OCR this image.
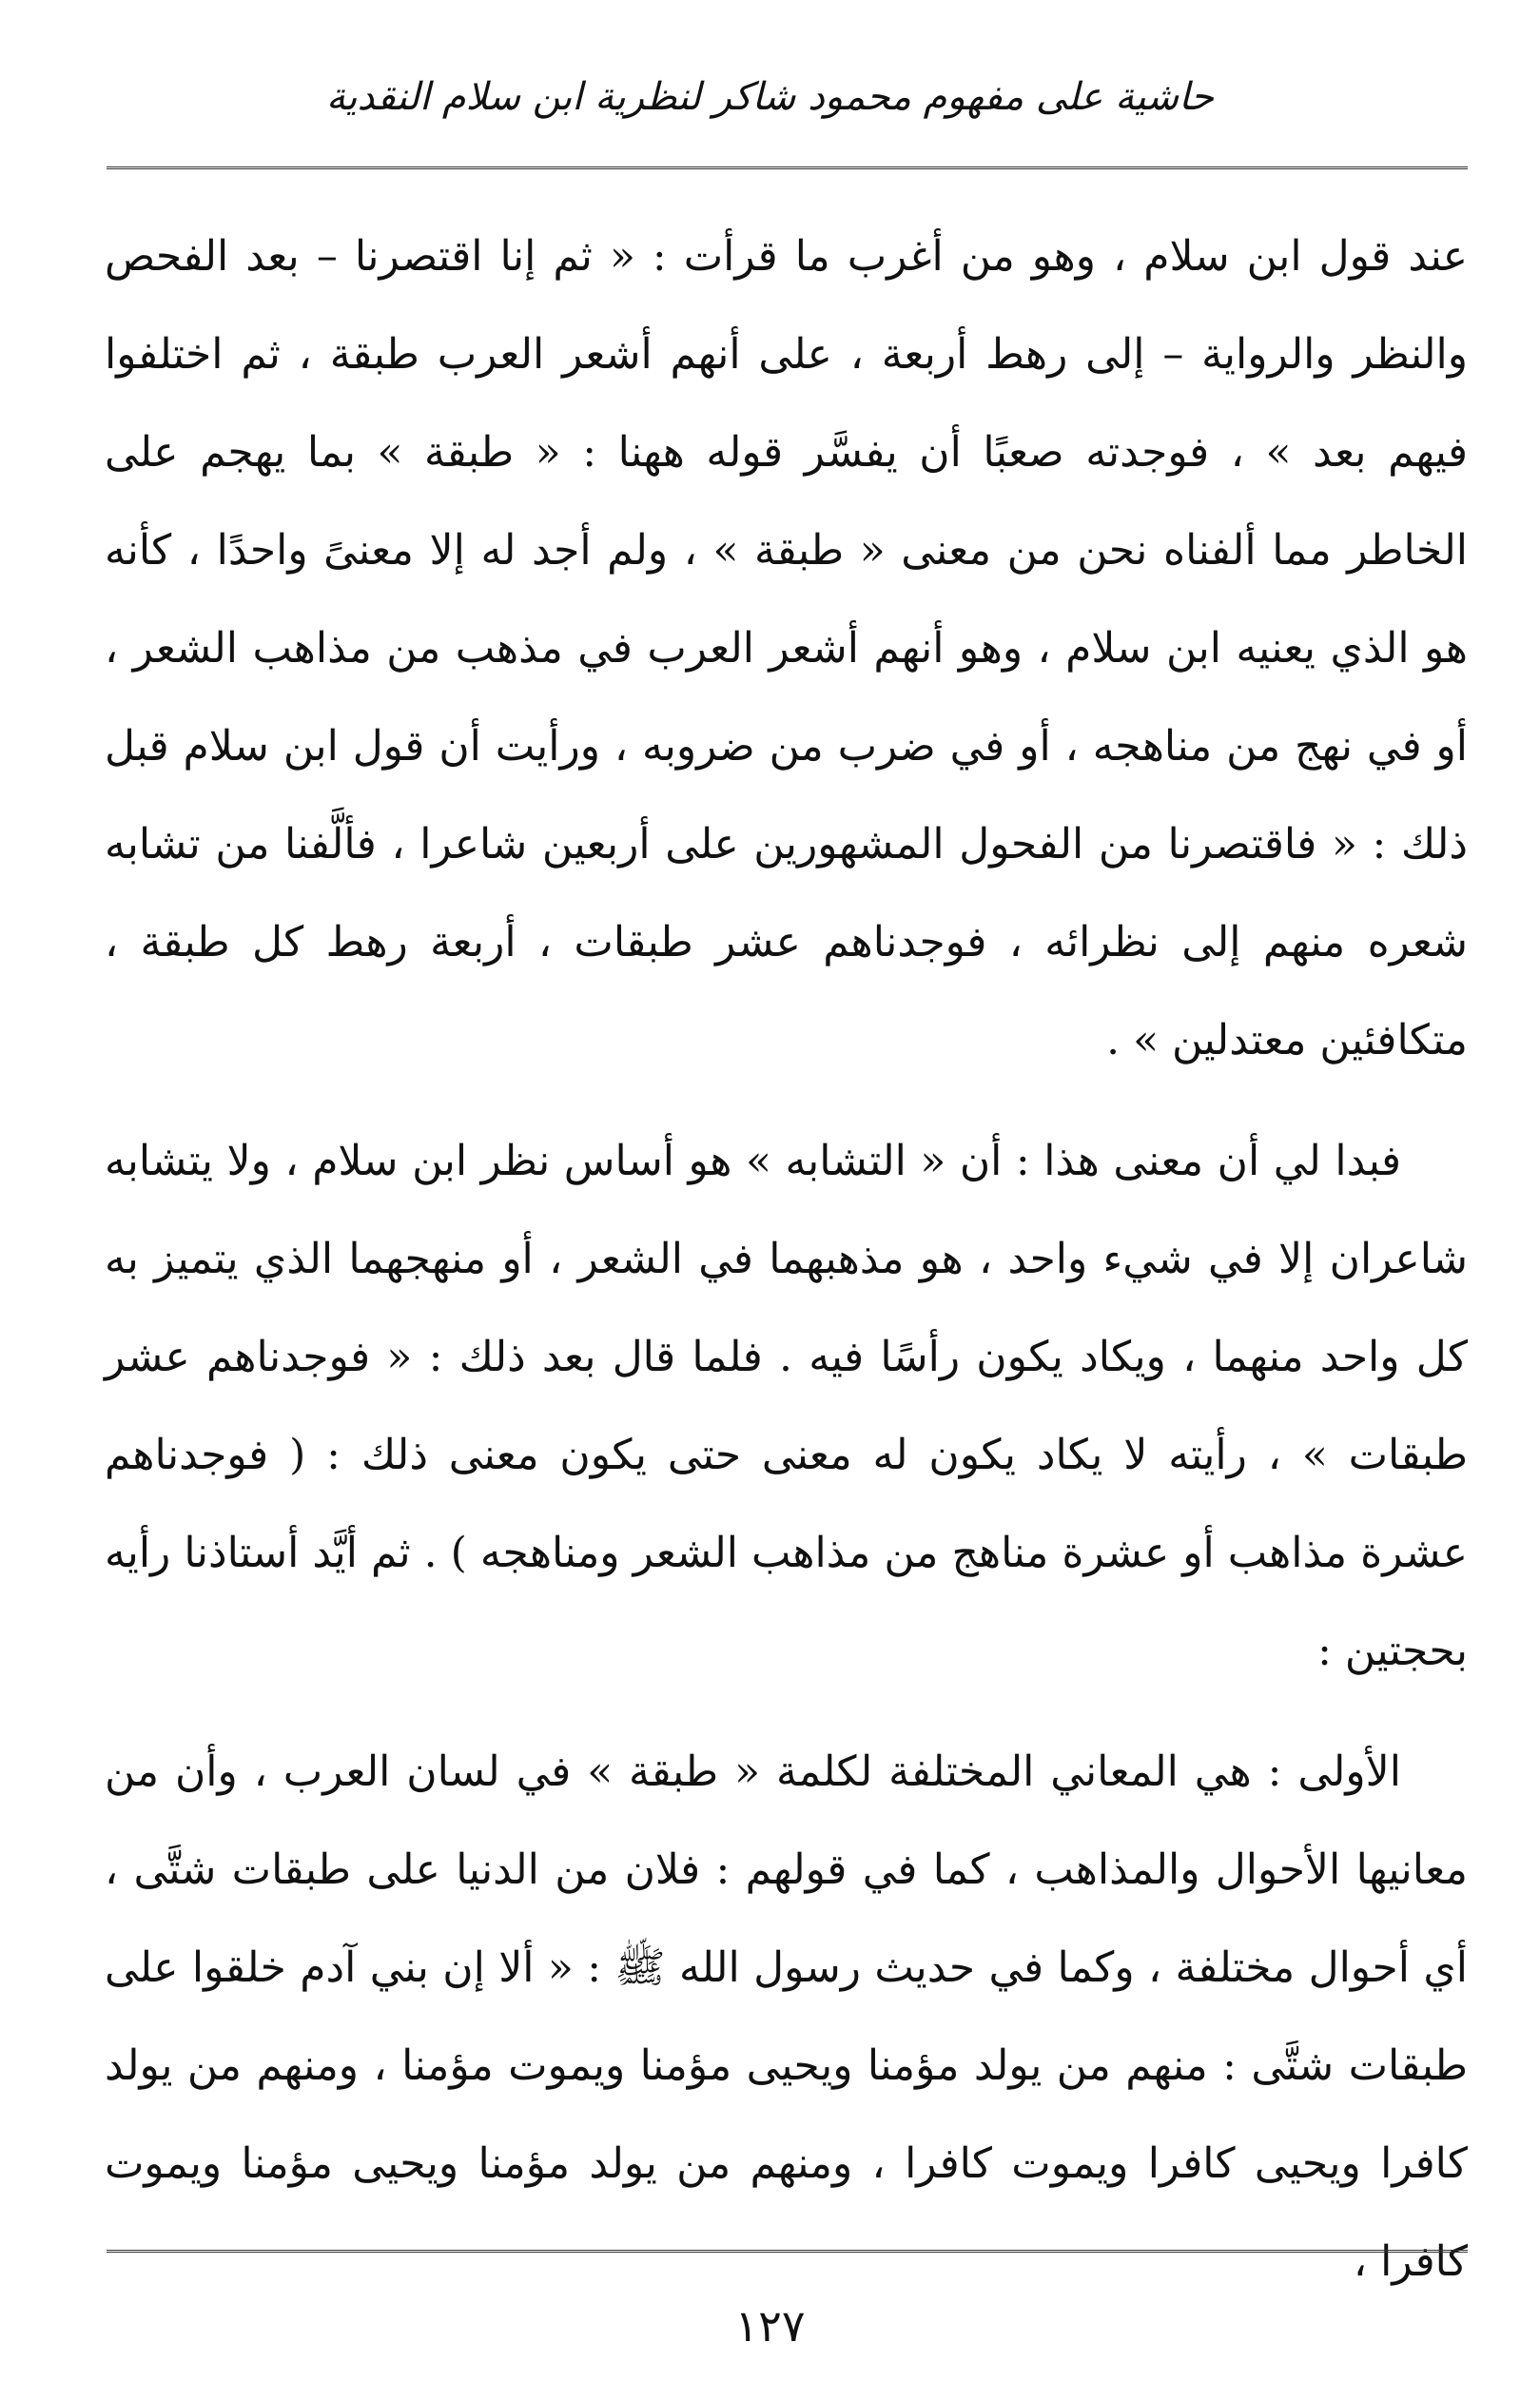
حاشية على مفهوم محمود شاكر لنظرية ابن سلام النقدية

عند قول ابن سلام ، وهو من أغرب ما قرأت : « ثم إنا اقتصرنا – بعد الفحص والنظر والرواية – إلى رهط أربعة ، على أنهم أشعر العرب طبقة ، ثم اختلفوا فيهم بعد » ، فوجدته صعبًا أن يفسَّر قوله ههنا : « طبقة » بما يهجم على الخاطر مما ألفناه نحن من معنى « طبقة » ، ولم أجد له إلا معنىً واحدًا ، كأنه هو الذي يعنيه ابن سلام ، وهو أنهم أشعر العرب في مذهب من مذاهب الشعر ، أو في نهج من مناهجه ، أو في ضرب من ضروبه ، ورأيت أن قول ابن سلام قبل ذلك : « فاقتصرنا من الفحول المشهورين على أربعين شاعرا ، فألَّفنا من تشابه شعره منهم إلى نظرائه ، فوجدناهم عشر طبقات ، أربعة رهط كل طبقة ، متكافئين معتدلين » .

فبدا لي أن معنى هذا : أن « التشابه » هو أساس نظر ابن سلام ، ولا يتشابه شاعران إلا في شيء واحد ، هو مذهبهما في الشعر ، أو منهجهما الذي يتميز به كل واحد منهما ، ويكاد يكون رأسًا فيه . فلما قال بعد ذلك : « فوجدناهم عشر طبقات » ، رأيته لا يكاد يكون له معنى حتى يكون معنى ذلك : ( فوجدناهم عشرة مذاهب أو عشرة مناهج من مذاهب الشعر ومناهجه ) . ثم أيَّد أستاذنا رأيه بحجتين :

الأولى : هي المعاني المختلفة لكلمة « طبقة » في لسان العرب ، وأن من معانيها الأحوال والمذاهب ، كما في قولهم : فلان من الدنيا على طبقات شتَّى ، أي أحوال مختلفة ، وكما في حديث رسول الله ﷺ : « ألا إن بني آدم خلقوا على طبقات شتَّى : منهم من يولد مؤمنا ويحيى مؤمنا ويموت مؤمنا ، ومنهم من يولد كافرا ويحيى كافرا ويموت كافرا ، ومنهم من يولد مؤمنا ويحيى مؤمنا ويموت كافرا ،

١٢٧
